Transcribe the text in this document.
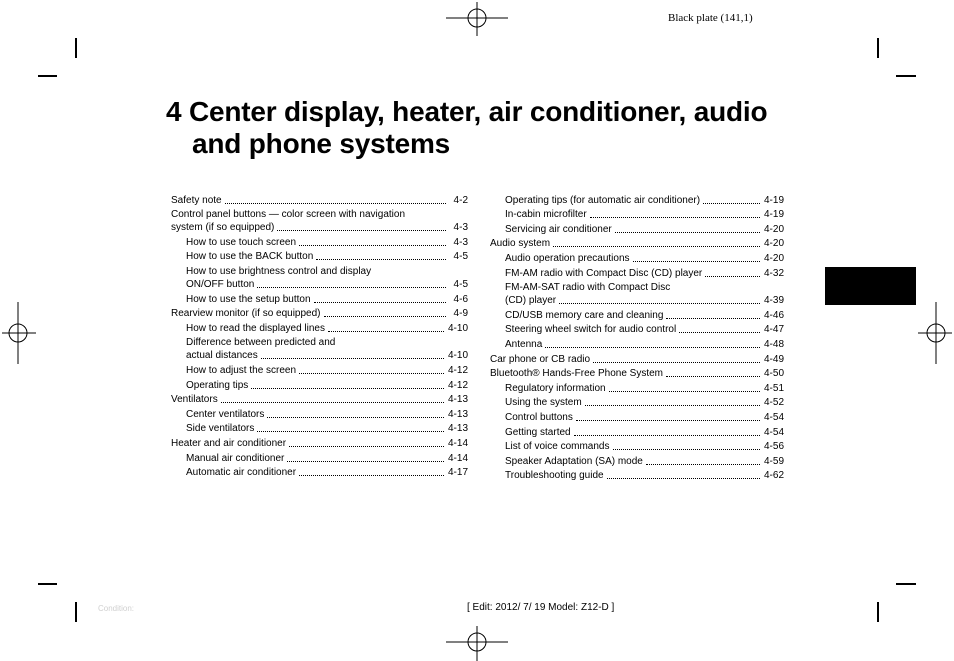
Black plate (141,1)
4 Center display, heater, air conditioner, audio
and phone systems
Safety note	4-2
Control panel buttons — color screen with navigation
system (if so equipped)	4-3
How to use touch screen	4-3
How to use the BACK button	4-5
How to use brightness control and display
ON/OFF button	4-5
How to use the setup button	4-6
Rearview monitor (if so equipped)	4-9
How to read the displayed lines	4-10
Difference between predicted and
actual distances	4-10
How to adjust the screen	4-12
Operating tips	4-12
Ventilators	4-13
Center ventilators	4-13
Side ventilators	4-13
Heater and air conditioner	4-14
Manual air conditioner	4-14
Automatic air conditioner	4-17
Operating tips (for automatic air conditioner)	4-19
In-cabin microfilter	4-19
Servicing air conditioner	4-20
Audio system	4-20
Audio operation precautions	4-20
FM-AM radio with Compact Disc (CD) player	4-32
FM-AM-SAT radio with Compact Disc
(CD) player	4-39
CD/USB memory care and cleaning	4-46
Steering wheel switch for audio control	4-47
Antenna	4-48
Car phone or CB radio	4-49
Bluetooth® Hands-Free Phone System	4-50
Regulatory information	4-51
Using the system	4-52
Control buttons	4-54
Getting started	4-54
List of voice commands	4-56
Speaker Adaptation (SA) mode	4-59
Troubleshooting guide	4-62
Condition:	[ Edit: 2012/ 7/ 19 Model: Z12-D ]
